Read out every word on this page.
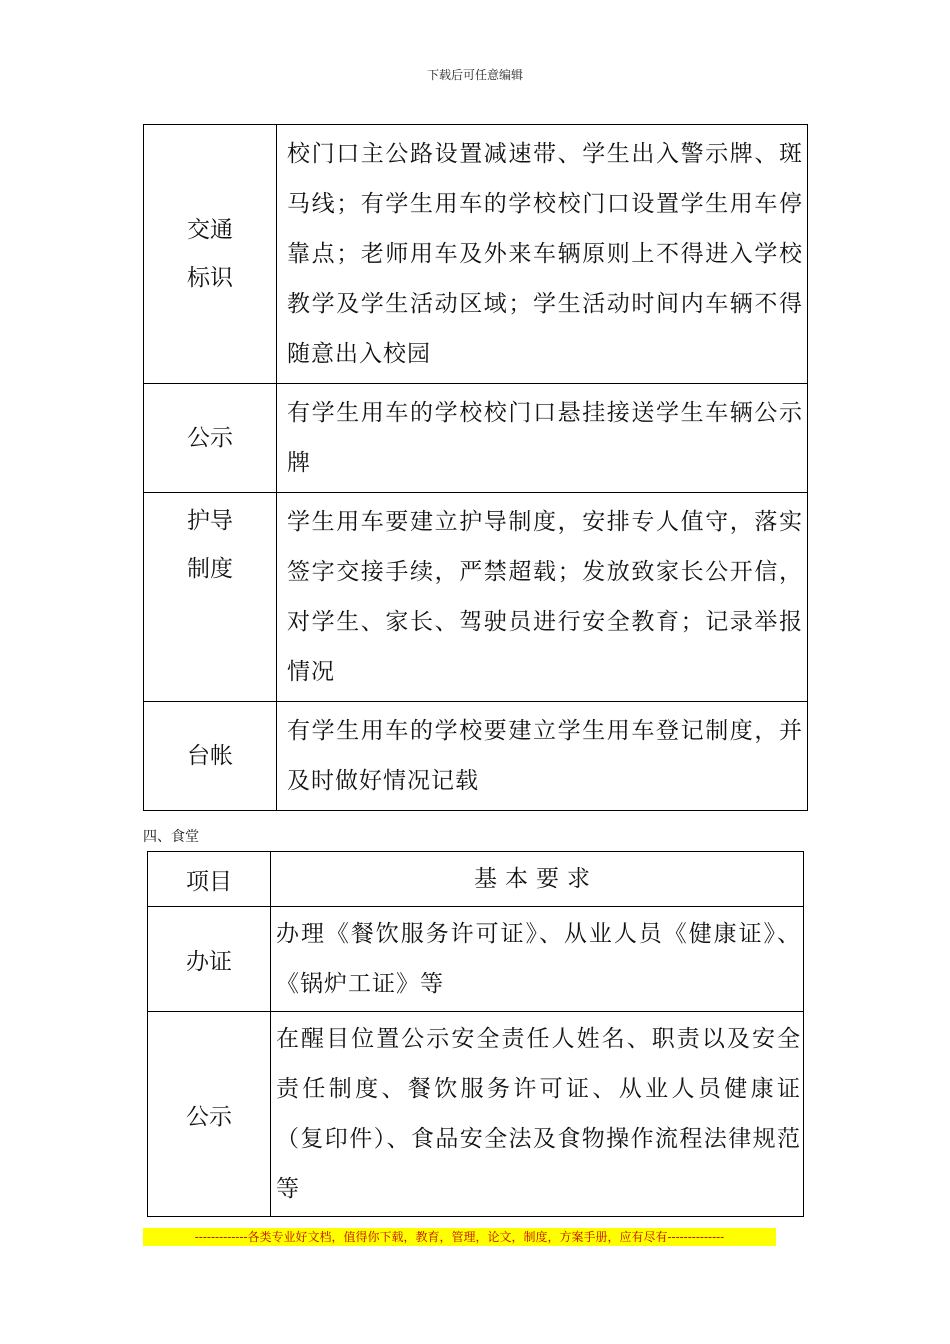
下载后可任意编辑
交通
标识	校门口主公路设置减速带、学生出入警示牌、斑马线；有学生用车的学校校门口设置学生用车停靠点；老师用车及外来车辆原则上不得进入学校教学及学生活动区域；学生活动时间内车辆不得随意出入校园
公示	有学生用车的学校校门口悬挂接送学生车辆公示牌
护导
制度	学生用车要建立护导制度，安排专人值守，落实签字交接手续，严禁超载；发放致家长公开信，对学生、家长、驾驶员进行安全教育；记录举报情况
台帐	有学生用车的学校要建立学生用车登记制度，并及时做好情况记载
四、食堂
项目	基本要求
办证	办理《餐饮服务许可证》、从业人员《健康证》、《锅炉工证》等
公示	在醒目位置公示安全责任人姓名、职责以及安全责任制度、餐饮服务许可证、从业人员健康证（复印件）、食品安全法及食物操作流程法律规范等
-------------各类专业好文档，值得你下载，教育，管理，论文，制度，方案手册，应有尽有--------------
